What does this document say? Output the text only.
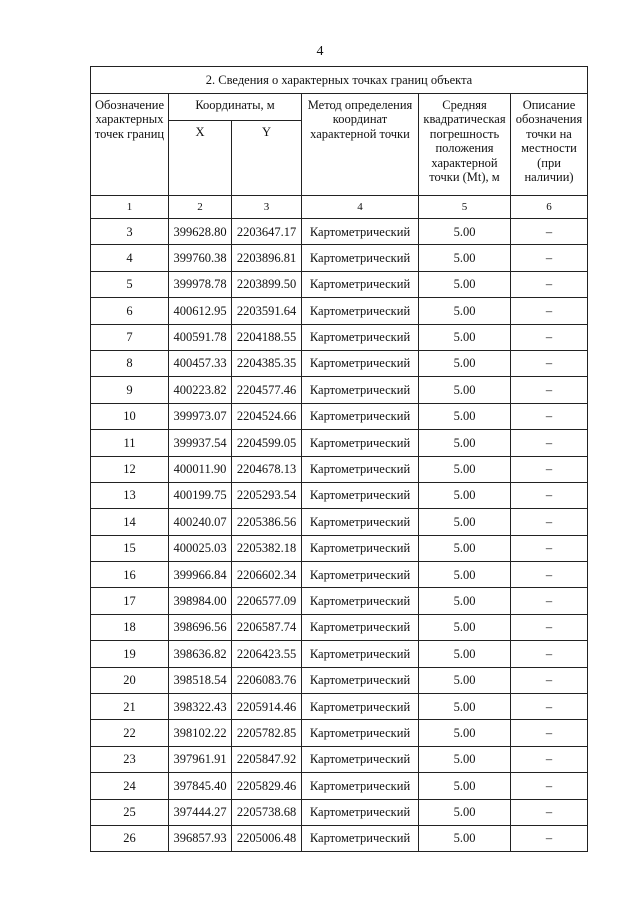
4
2. Сведения о характерных точках границ объекта					
Обозначение характерных точек границ	Координаты, м		Метод определения координат характерной точки	Средняя квадратическая погрешность положения характерной точки (Mt), м	Описание обозначения точки на местности (при наличии)
	X	Y			
1	2	3	4	5	6
3	399628.80	2203647.17	Картометрический	5.00	–
4	399760.38	2203896.81	Картометрический	5.00	–
5	399978.78	2203899.50	Картометрический	5.00	–
6	400612.95	2203591.64	Картометрический	5.00	–
7	400591.78	2204188.55	Картометрический	5.00	–
8	400457.33	2204385.35	Картометрический	5.00	–
9	400223.82	2204577.46	Картометрический	5.00	–
10	399973.07	2204524.66	Картометрический	5.00	–
11	399937.54	2204599.05	Картометрический	5.00	–
12	400011.90	2204678.13	Картометрический	5.00	–
13	400199.75	2205293.54	Картометрический	5.00	–
14	400240.07	2205386.56	Картометрический	5.00	–
15	400025.03	2205382.18	Картометрический	5.00	–
16	399966.84	2206602.34	Картометрический	5.00	–
17	398984.00	2206577.09	Картометрический	5.00	–
18	398696.56	2206587.74	Картометрический	5.00	–
19	398636.82	2206423.55	Картометрический	5.00	–
20	398518.54	2206083.76	Картометрический	5.00	–
21	398322.43	2205914.46	Картометрический	5.00	–
22	398102.22	2205782.85	Картометрический	5.00	–
23	397961.91	2205847.92	Картометрический	5.00	–
24	397845.40	2205829.46	Картометрический	5.00	–
25	397444.27	2205738.68	Картометрический	5.00	–
26	396857.93	2205006.48	Картометрический	5.00	–
